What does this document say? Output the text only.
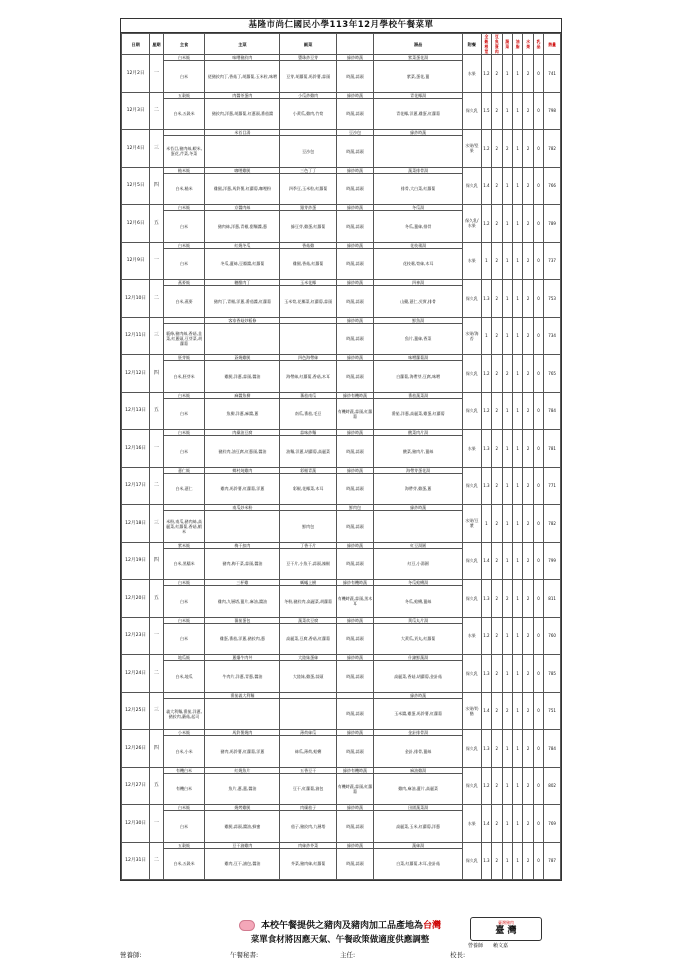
基隆市尚仁國民小學113年12月學校午餐菜單
日期	星期	主食	主菜	副菜		湯品	附餐	全穀根莖	豆魚蛋肉	蔬菜	油脂	水果	乳品	熱量
12月2日	一	白米飯	味噌豬絞肉	豐珠炒豆芽	綠炒時蔬	紫菜蛋花湯	水果	1.2	2	1	1	2	0	741
		白米	佬豬絞肉丁,香菇丁,胡蘿蔔,玉米粒,味噌	豆芽,胡蘿蔔,馬鈴薯,蒜頭	時蔬,蒜頭	紫菜,蛋花,薑								
12月3日	二	五穀飯	肉醬茶蛋肉	小瓜炒雞肉	綠炒時蔬	青花椰湯	保久乳	1.5	2	1	1	2	0	798
		白米,五穀米	豬絞肉,洋蔥,胡蘿蔔,紅蔥頭,番茄醬	小黃瓜,雞肉,竹筍	時蔬,蒜頭	青花椰,洋蔥,雞蛋,紅蘿蔔								
12月4日	三		米苔目湯		豆沙包	綠炒時蔬	水果/堅果	1.2	2	2	1	2	0	782
		米苔目,豬肉絲,蝦米,蛋花,芹菜,冬菜		豆沙包	時蔬,蒜頭									
12月5日	四	糙米飯	咖哩雞腿	三色丁丁	綠炒時蔬	蔬菜排骨湯	保久乳	1.4	2	1	1	2	0	766
		白米,糙米	雞腿,洋蔥,馬鈴薯,紅蘿蔔,咖哩粉	四季豆,玉米粒,紅蘿蔔	時蔬,蒜頭	排骨,大白菜,紅蘿蔔								
12月6日	五	白米飯	京醬肉絲	銀芽炒蛋	綠炒時蔬	冬瓜湯	保久乳/水果	1.2	2	1	1	2	0	789
		白米	豬肉絲,洋蔥,青椒,甜麵醬,蔥	綠豆芽,雞蛋,紅蘿蔔	時蔬,蒜頭	冬瓜,薑絲,排骨								
12月9日	一	白米飯	紅燒冬瓜	香菇雞	綠炒時蔬	花枝羹湯	水果	1	2	1	1	2	0	737
		白米	冬瓜,薑絲,豆瓣醬,紅蘿蔔	雞腿,香菇,紅蘿蔔	時蔬,蒜頭	花枝羹,筍絲,木耳								
12月10日	二	燕麥飯	糖醋肉丁	玉米花椰	綠炒時蔬	四神湯	保久乳	1.3	2	1	1	2	0	753
		白米,燕麥	豬肉丁,青椒,洋蔥,番茄醬,紅蘿蔔	玉米筍,花椰菜,紅蘿蔔,蒜頭	時蔬,蒜頭	山藥,薏仁,芡實,排骨								
12月11日	三		客家香菇炒粄條		綠炒時蔬	鮮魚湯	水果/海苔	1	2	1	1	2	0	734
		粄條,豬肉絲,香菇,韭菜,紅蔥頭,豆芽菜,胡蘿蔔			時蔬,蒜頭	魚片,薑絲,香菜								
12月12日	四	胚芽飯	蒼燒雞腿	四色海帶絲	綠炒時蔬	味噌蘿蔔湯	保久乳	1.2	2	2	1	2	0	765
		白米,胚芽米	雞腿,洋蔥,蒜頭,醬油	海帶絲,紅蘿蔔,香菇,木耳	時蔬,蒜頭	白蘿蔔,海帶芽,豆腐,味噌								
12月13日	五	白米飯	麻醬魚柳	蕃茄南瓜	綠炒有機時蔬	番茄蔬菜湯	保久乳	1.2	2	1	1	2	0	784
		白米	魚柳,洋蔥,麻醬,蔥	南瓜,番茄,毛豆	有機時蔬,蒜頭,紅蘿蔔	番茄,洋蔥,高麗菜,雞蛋,紅蘿蔔								
12月16日	一	白米飯	肉燥油豆腐	蒜味炒麵	綠炒時蔬	酸菜肉片湯	水果	1.3	2	1	1	2	0	781
		白米	豬絞肉,油豆腐,紅蔥頭,醬油	油麵,洋蔥,胡蘿蔔,高麗菜	時蔬,蒜頭	酸菜,豬肉片,薑絲								
12月17日	二	薏仁飯	鄉村炖雞肉	彩椒青蔬	綠炒時蔬	海帶芽蛋花湯	保久乳	1.3	2	1	1	2	0	771
		白米,薏仁	雞肉,馬鈴薯,紅蘿蔔,洋蔥	彩椒,花椰菜,木耳	時蔬,蒜頭	海帶芽,雞蛋,蔥								
12月18日	三		南瓜炒米粉		鮮肉包	綠炒時蔬	水果/豆漿	1	2	1	1	2	0	782
		米粉,南瓜,豬肉絲,高麗菜,紅蘿蔔,香菇,蝦米		鮮肉包	時蔬,蒜頭									
12月19日	四	紫米飯	梅干扣肉	丁香干片	綠炒時蔬	紅豆湯圓	保久乳	1.4	2	1	1	2	0	799
		白米,黑糯米	豬肉,梅干菜,蒜頭,醬油	豆干片,小魚干,蒜頭,辣椒	時蔬,蒜頭	紅豆,小湯圓								
12月20日	五	白米飯	三杯雞	螞蟻上樹	綠炒有機時蔬	冬瓜蛤蜊湯	保久乳	1.3	2	2	1	2	0	811
		白米	雞肉,九層塔,薑片,麻油,醬油	冬粉,豬絞肉,高麗菜,胡蘿蔔	有機時蔬,蒜頭,黑木耳	冬瓜,蛤蜊,薑絲								
12月23日	一	白米飯	蕃茄蛋包	蔬菜炊豆腐	綠炒時蔬	黃瓜丸片湯	水果	1.2	2	1	1	2	0	760
		白米	雞蛋,番茄,洋蔥,豬絞肉,蔥	高麗菜,豆腐,香菇,紅蘿蔔	時蔬,蒜頭	大黃瓜,貢丸,紅蘿蔔								
12月24日	二	地瓜飯	蔥爆牛肉丼	大陸妹蛋絲	綠炒時蔬	什錦鮮蔬湯	保久乳	1.3	2	1	1	2	0	785
		白米,地瓜	牛肉片,洋蔥,青蔥,醬油	大陸妹,雞蛋,蒜頭	時蔬,蒜頭	高麗菜,香菇,胡蘿蔔,金針菇								
12月25日	三		番茄義大利麵			綠炒時蔬	水果/奶酪	1.4	2	2	1	2	0	751
		義大利麵,番茄,洋蔥,豬絞肉,蘑菇,起司			時蔬,蒜頭	玉米醬,雞蛋,馬鈴薯,紅蘿蔔								
12月26日	四	小米飯	馬鈴薯燒肉	薄荷絲瓜	綠炒時蔬	金針排骨湯	保久乳	1.3	2	1	1	2	0	784
		白米,小米	豬肉,馬鈴薯,紅蘿蔔,洋蔥	絲瓜,薄荷,蛤蜊	時蔬,蒜頭	金針,排骨,薑絲								
12月27日	五	有機白米	紅燒魚片	五香豆干	綠炒有機時蔬	麻油雞湯	保久乳	1.2	2	1	1	2	0	802
		有機白米	魚片,蔥,薑,醬油	豆干,紅蘿蔔,滷包	有機時蔬,蒜頭,紅蘿蔔	雞肉,麻油,薑片,高麗菜								
12月30日	一	白米飯	燒烤雞腿	肉燥茄子	綠炒時蔬	田園蔬菜湯	水果	1.4	2	1	1	2	0	769
		白米	雞腿,蒜頭,醬油,蜂蜜	茄子,豬絞肉,九層塔	時蔬,蒜頭	高麗菜,玉米,紅蘿蔔,洋蔥								
12月31日	二	五穀飯	豆干滷雞肉	肉絲炒芥菜	綠炒時蔬	蔬絲湯	保久乳	1.3	2	1	1	2	0	787
		白米,五穀米	雞肉,豆干,滷包,醬油	芥菜,豬肉絲,紅蘿蔔	時蔬,蒜頭	白菜,紅蘿蔔,木耳,金針菇								
本校午餐提供之豬肉及豬肉加工品產地為台灣
菜單食材將因應天氣、午餐政策做適度供應調整
臺灣豬肉
臺 灣
營養師　　賴文嘉
營養師:	午餐秘書:	主任:	校長:
